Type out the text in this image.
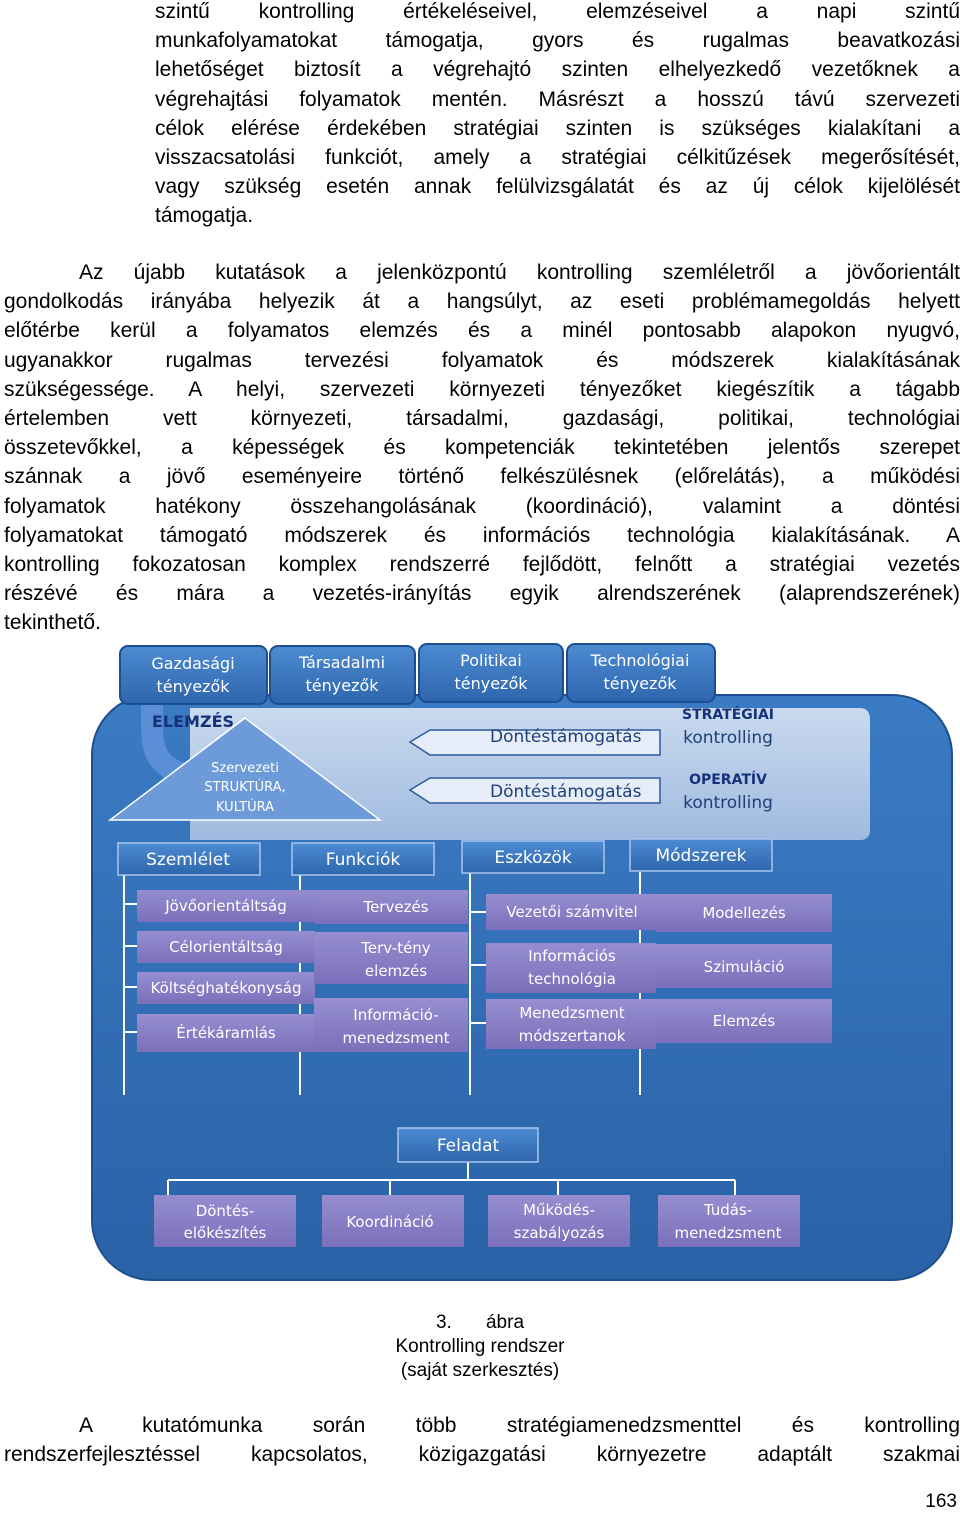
szintű kontrolling értékeléseivel, elemzéseivel a napi szintű
munkafolyamatokat támogatja, gyors és rugalmas beavatkozási
lehetőséget biztosít a végrehajtó szinten elhelyezkedő vezetőknek a
végrehajtási folyamatok mentén. Másrészt a hosszú távú szervezeti
célok elérése érdekében stratégiai szinten is szükséges kialakítani a
visszacsatolási funkciót, amely a stratégiai célkitűzések megerősítését,
vagy szükség esetén annak felülvizsgálatát és az új célok kijelölését
támogatja.
Az újabb kutatások a jelenközpontú kontrolling szemléletről a jövőorientált
gondolkodás irányába helyezik át a hangsúlyt, az eseti problémamegoldás helyett
előtérbe kerül a folyamatos elemzés és a minél pontosabb alapokon nyugvó,
ugyanakkor rugalmas tervezési folyamatok és módszerek kialakításának
szükségessége. A helyi, szervezeti környezeti tényezőket kiegészítik a tágabb
értelemben vett környezeti, társadalmi, gazdasági, politikai, technológiai
összetevőkkel, a képességek és kompetenciák tekintetében jelentős szerepet
szánnak a jövő eseményeire történő felkészülésnek (előrelátás), a működési
folyamatok hatékony összehangolásának (koordináció), valamint a döntési
folyamatokat támogató módszerek és információs technológia kialakításának. A
kontrolling fokozatosan komplex rendszerré fejlődött, felnőtt a stratégiai vezetés
részévé és mára a vezetés-irányítás egyik alrendszerének (alaprendszerének)
tekinthető.
Szervezeti
STRUKTÚRA,
KULTÚRA
ELEMZÉS
Döntéstámogatás
Döntéstámogatás
STRATÉGIAI
kontrolling
OPERATÍV
kontrolling
Gazdasági
tényezők
Társadalmi
tényezők
Politikai
tényezők
Technológiai
tényezők
Szemlélet	Funkciók	Eszközök	Módszerek
Jövőorientáltság
Célorientáltság
Költséghatékonyság
Értékáramlás
Tervezés
Terv-tény
elemzés
Információ-
menedzsment
Vezetői számvitel
Információs
technológia
Menedzsment
módszertanok
Modellezés
Szimuláció
Elemzés
Feladat
Döntés-
előkészítés
Koordináció
Működés-
szabályozás
Tudás-
menedzsment
3. ábra
Kontrolling rendszer
(saját szerkesztés)
A kutatómunka során több stratégiamenedzsmenttel és kontrolling
rendszerfejlesztéssel kapcsolatos, közigazgatási környezetre adaptált szakmai
163
